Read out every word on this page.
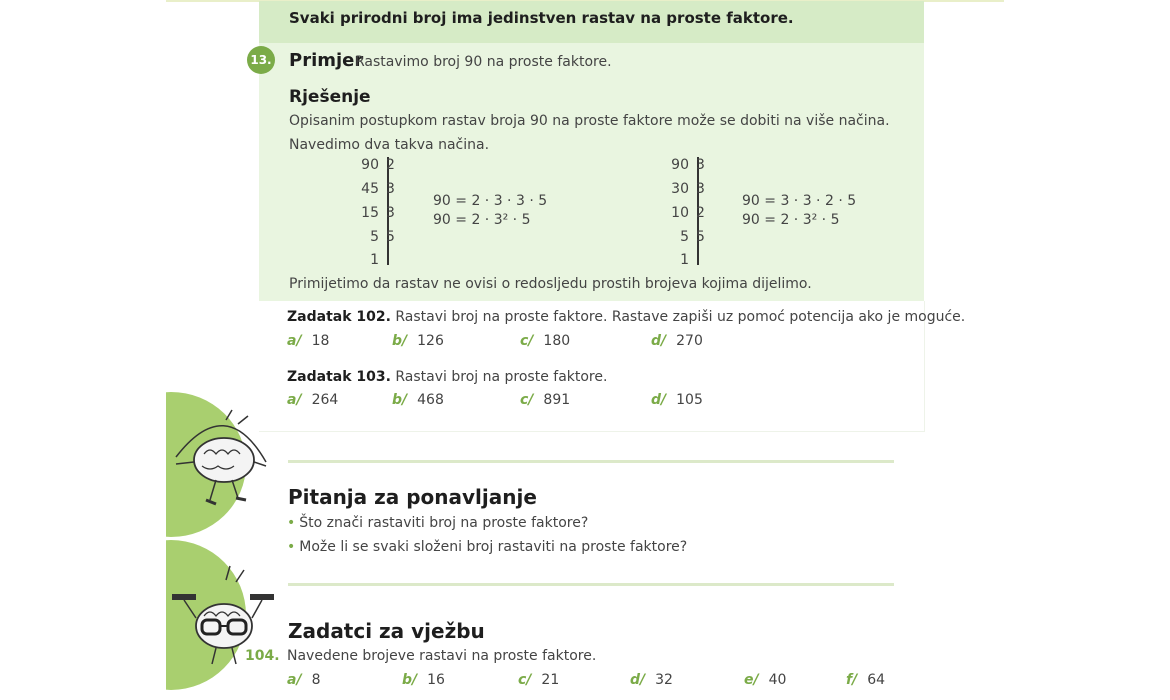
Svaki prirodni broj ima jedinstven rastav na proste faktore.
13. Primjer
Rastavimo broj 90 na proste faktore.
Rješenje
Opisanim postupkom rastav broja 90 na proste faktore može se dobiti na više načina.
Navedimo dva takva načina.
90 2
45 3
15 3
5 5
1
90 = 2 · 3 · 3 · 5
90 = 2 · 3² · 5
90 3
30 3
10 2
5 5
1
90 = 3 · 3 · 2 · 5
90 = 2 · 3² · 5
Primijetimo da rastav ne ovisi o redosljedu prostih brojeva kojima dijelimo.
Zadatak 102. Rastavi broj na proste faktore. Rastave zapiši uz pomoć potencija ako je moguće.
a/ 18	b/ 126	c/ 180	d/ 270
Zadatak 103. Rastavi broj na proste faktore.
a/ 264	b/ 468	c/ 891	d/ 105
Pitanja za ponavljanje
• Što znači rastaviti broj na proste faktore?
• Može li se svaki složeni broj rastaviti na proste faktore?
Zadatci za vježbu
104. Navedene brojeve rastavi na proste faktore.
a/ 8	b/ 16	c/ 21	d/ 32	e/ 40	f/ 64
